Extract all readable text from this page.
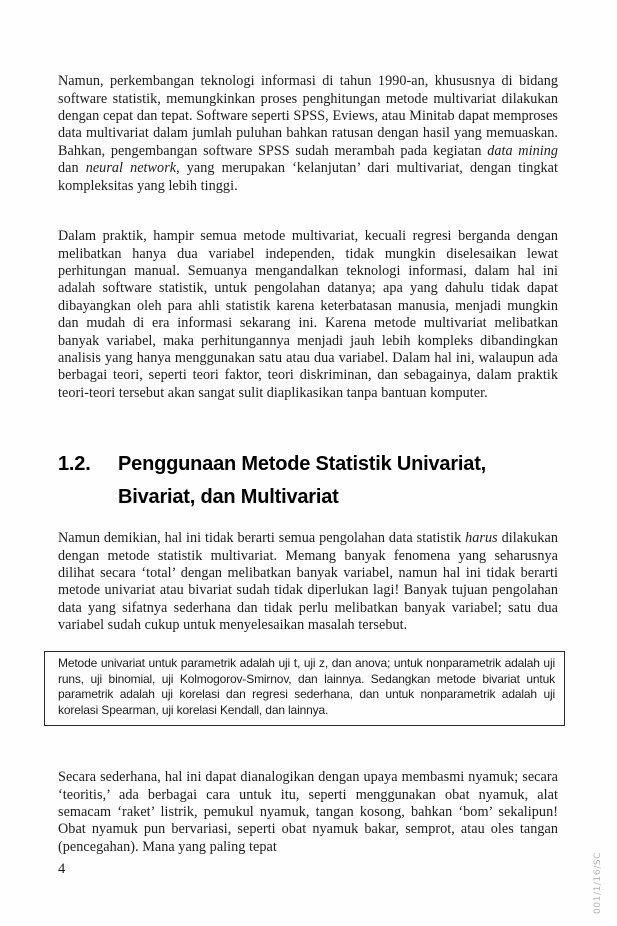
Namun, perkembangan teknologi informasi di tahun 1990-an, khususnya di bidang software statistik, memungkinkan proses penghitungan metode multivariat dilakukan dengan cepat dan tepat. Software seperti SPSS, Eviews, atau Minitab dapat memproses data multivariat dalam jumlah puluhan bahkan ratusan dengan hasil yang memuaskan. Bahkan, pengembangan software SPSS sudah merambah pada kegiatan data mining dan neural network, yang merupakan ‘kelanjutan’ dari multivariat, dengan tingkat kompleksitas yang lebih tinggi.

Dalam praktik, hampir semua metode multivariat, kecuali regresi berganda dengan melibatkan hanya dua variabel independen, tidak mungkin diselesaikan lewat perhitungan manual. Semuanya mengandalkan teknologi informasi, dalam hal ini adalah software statistik, untuk pengolahan datanya; apa yang dahulu tidak dapat dibayangkan oleh para ahli statistik karena keterbatasan manusia, menjadi mungkin dan mudah di era informasi sekarang ini. Karena metode multivariat melibatkan banyak variabel, maka perhitungannya menjadi jauh lebih kompleks dibandingkan analisis yang hanya menggunakan satu atau dua variabel. Dalam hal ini, walaupun ada berbagai teori, seperti teori faktor, teori diskriminan, dan sebagainya, dalam praktik teori-teori tersebut akan sangat sulit diaplikasikan tanpa bantuan komputer.

1.2.	Penggunaan Metode Statistik Univariat,
Bivariat, dan Multivariat

Namun demikian, hal ini tidak berarti semua pengolahan data statistik harus dilakukan dengan metode statistik multivariat. Memang banyak fenomena yang seharusnya dilihat secara ‘total’ dengan melibatkan banyak variabel, namun hal ini tidak berarti metode univariat atau bivariat sudah tidak diperlukan lagi! Banyak tujuan pengolahan data yang sifatnya sederhana dan tidak perlu melibatkan banyak variabel; satu dua variabel sudah cukup untuk menyelesaikan masalah tersebut.

Metode univariat untuk parametrik adalah uji t, uji z, dan anova; untuk nonparametrik adalah uji runs, uji binomial, uji Kolmogorov-Smirnov, dan lainnya. Sedangkan metode bivariat untuk parametrik adalah uji korelasi dan regresi sederhana, dan untuk nonparametrik adalah uji korelasi Spearman, uji korelasi Kendall, dan lainnya.

Secara sederhana, hal ini dapat dianalogikan dengan upaya membasmi nyamuk; secara ‘teoritis,’ ada berbagai cara untuk itu, seperti menggunakan obat nyamuk, alat semacam ‘raket’ listrik, pemukul nyamuk, tangan kosong, bahkan ‘bom’ sekalipun! Obat nyamuk pun bervariasi, seperti obat nyamuk bakar, semprot, atau oles tangan (pencegahan). Mana yang paling tepat

4	001/1/16/SC
